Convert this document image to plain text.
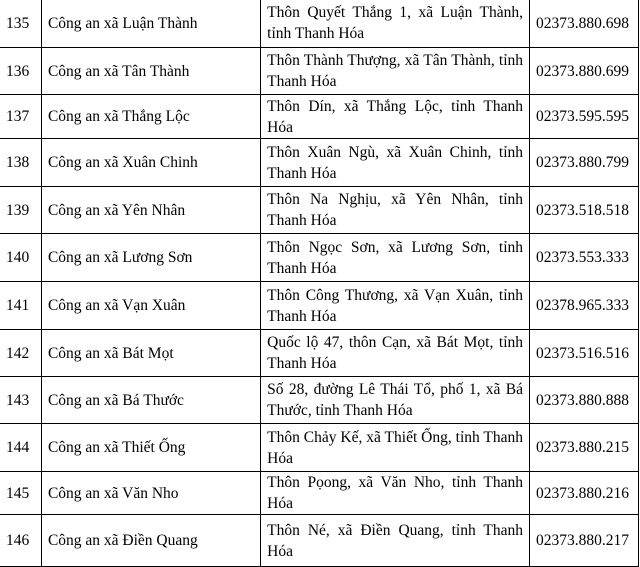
135	Công an xã Luận Thành	Thôn Quyết Thắng 1, xã Luận Thành, tỉnh Thanh Hóa	02373.880.698
136	Công an xã Tân Thành	Thôn Thành Thượng, xã Tân Thành, tỉnh Thanh Hóa	02373.880.699
137	Công an xã Thắng Lộc	Thôn Dín, xã Thắng Lộc, tỉnh Thanh Hóa	02373.595.595
138	Công an xã Xuân Chinh	Thôn Xuân Ngù, xã Xuân Chinh, tỉnh Thanh Hóa	02373.880.799
139	Công an xã Yên Nhân	Thôn Na Nghịu, xã Yên Nhân, tỉnh Thanh Hóa	02373.518.518
140	Công an xã Lương Sơn	Thôn Ngọc Sơn, xã Lương Sơn, tỉnh Thanh Hóa	02373.553.333
141	Công an xã Vạn Xuân	Thôn Công Thương, xã Vạn Xuân, tỉnh Thanh Hóa	02378.965.333
142	Công an xã Bát Mọt	Quốc lộ 47, thôn Cạn, xã Bát Mọt, tỉnh Thanh Hóa	02373.516.516
143	Công an xã Bá Thước	Số 28, đường Lê Thái Tổ, phố 1, xã Bá Thước, tỉnh Thanh Hóa	02373.880.888
144	Công an xã Thiết Ống	Thôn Chảy Kế, xã Thiết Ống, tỉnh Thanh Hóa	02373.880.215
145	Công an xã Văn Nho	Thôn Pọong, xã Văn Nho, tỉnh Thanh Hóa	02373.880.216
146	Công an xã Điền Quang	Thôn Né, xã Điền Quang, tỉnh Thanh Hóa	02373.880.217
